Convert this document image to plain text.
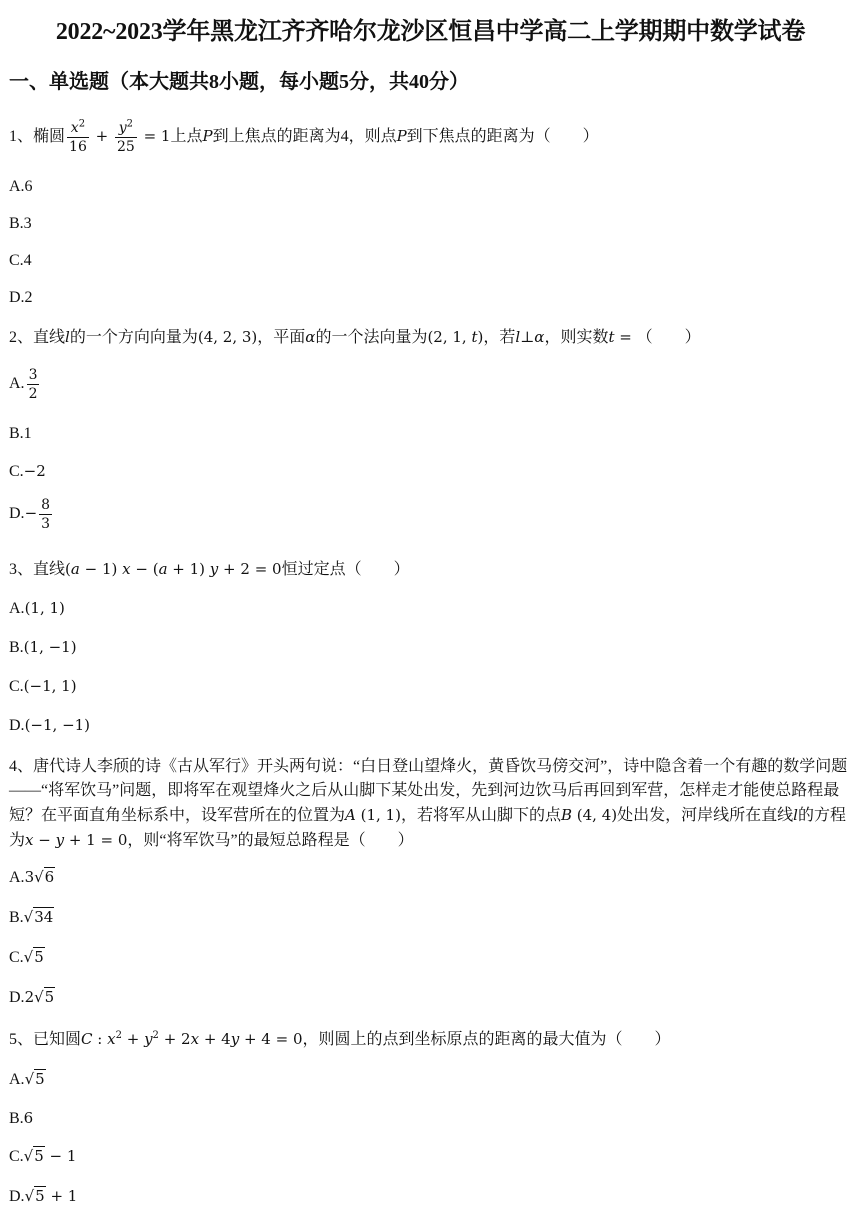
2022~2023学年黑龙江齐齐哈尔龙沙区恒昌中学高二上学期期中数学试卷
一、单选题（本大题共8小题，每小题5分，共40分）
1、椭圆 $\frac{x^2}{16} + \frac{y^2}{25} = 1$上点P到上焦点的距离为4，则点P到下焦点的距离为（　　）
A.6
B.3
C.4
D.2
2、直线l的一个方向向量为(4, 2, 3)，平面α的一个法向量为(2, 1, t)，若l⊥α，则实数t = （　　）
A. $\frac{3}{2}$
B.1
C.−2
$D.- \frac{8}{3}$
3、直线(a − 1) x − (a + 1) y + 2 = 0恒过定点（　　）
A.(1, 1)
B.(1, −1)
C.(−1, 1)
D.(−1, −1)
4、唐代诗人李颀的诗《古从军行》开头两句说：“白日登山望烽火，黄昏饮马傍交河”，诗中隐含着一个有趣的数学问题——“将军饮马”问题，即将军在观望烽火之后从山脚下某处出发，先到河边饮马后再回到军营，怎样走才能使总路程最短？在平面直角坐标系中，设军营所在的位置为A (1, 1)，若将军从山脚下的点B (4, 4)处出发，河岸线所在直线l的方程为x − y + 1 = 0，则“将军饮马”的最短总路程是（　　）
A.3√6
B.√34
C.√5
D.2√5
5、已知圆C : $x^2 + y^2 + 2x + 4y + 4 = 0$，则圆上的点到坐标原点的距离的最大值为（　　）
A.√5
B.6
C.√5 − 1
D.√5 + 1
